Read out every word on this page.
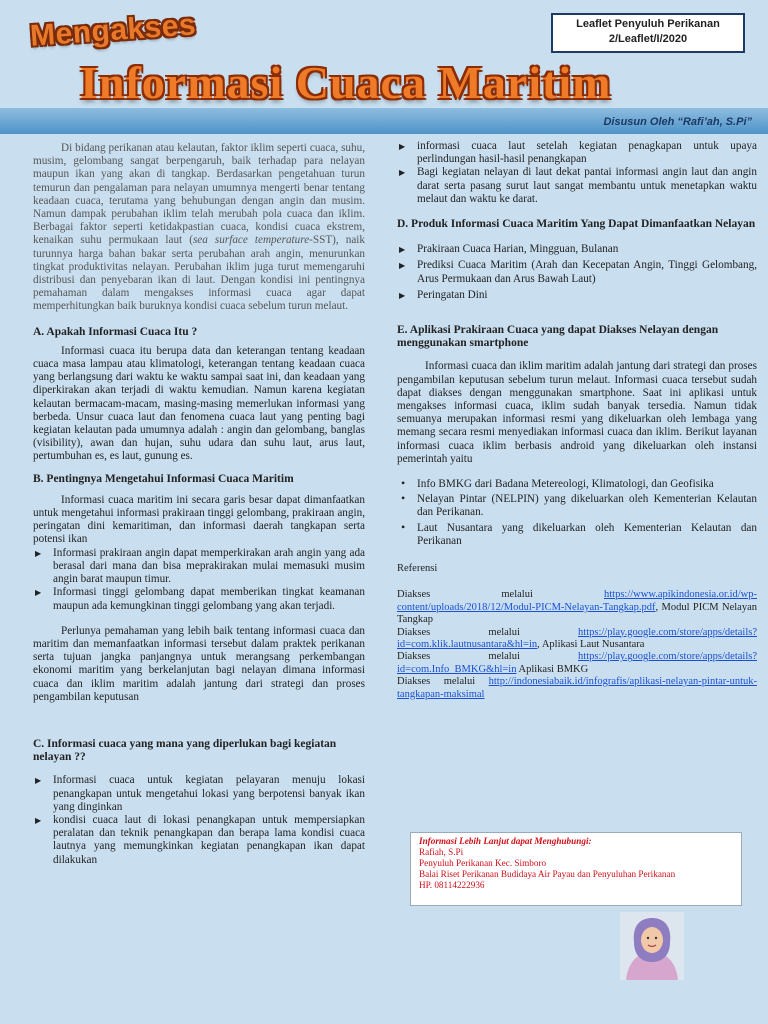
Mengakses
Informasi Cuaca Maritim
Leaflet Penyuluh Perikanan
2/Leaflet/I/2020
Disusun Oleh “Rafi’ah, S.Pi”

Di bidang perikanan atau kelautan, faktor iklim seperti cuaca, suhu, musim, gelombang sangat berpengaruh, baik terhadap para nelayan maupun ikan yang akan di tangkap. Berdasarkan pengetahuan turun temurun dan pengalaman para nelayan umumnya mengerti benar tentang keadaan cuaca, terutama yang behubungan dengan angin dan musim. Namun dampak perubahan iklim telah merubah pola cuaca dan iklim. Berbagai faktor seperti ketidakpastian cuaca, kondisi cuaca ekstrem, kenaikan suhu permukaan laut (sea surface temperature-SST), naik turunnya harga bahan bakar serta perubahan arah angin, menurunkan tingkat produktivitas nelayan. Perubahan iklim juga turut memengaruhi distribusi dan penyebaran ikan di laut. Dengan kondisi ini pentingnya pemahaman dalam mengakses informasi cuaca agar dapat memperhitungkan baik buruknya kondisi cuaca sebelum turun melaut.

A. Apakah Informasi Cuaca Itu ?

Informasi cuaca itu berupa data dan keterangan tentang keadaan cuaca masa lampau atau klimatologi, keterangan tentang keadaan cuaca yang berlangsung dari waktu ke waktu sampai saat ini, dan keadaan yang diperkirakan akan terjadi di waktu kemudian. Namun karena kegiatan kelautan bermacam-macam, masing-masing memerlukan informasi yang berbeda. Unsur cuaca laut dan fenomena cuaca laut yang penting bagi kegiatan kelautan pada umumnya adalah : angin dan gelombang, banglas (visibility), awan dan hujan, suhu udara dan suhu laut, arus laut, pertumbuhan es, es laut, gunung es.

B. Pentingnya Mengetahui Informasi Cuaca Maritim

Informasi cuaca maritim ini secara garis besar dapat dimanfaatkan untuk mengetahui informasi prakiraan tinggi gelombang, prakiraan angin, peringatan dini kemaritiman, dan informasi daerah tangkapan serta potensi ikan

▶ Informasi prakiraan angin dapat memperkirakan arah angin yang ada berasal dari mana dan bisa meprakirakan mulai memasuki musim angin barat maupun timur.
▶ Informasi tinggi gelombang dapat memberikan tingkat keamanan maupun ada kemungkinan tinggi gelombang yang akan terjadi.

Perlunya pemahaman yang lebih baik tentang informasi cuaca dan maritim dan memanfaatkan informasi tersebut dalam praktek perikanan serta tujuan jangka panjangnya untuk merangsang perkembangan ekonomi maritim yang berkelanjutan bagi nelayan dimana informasi cuaca dan iklim maritim adalah jantung dari strategi dan proses pengambilan keputusan

C. Informasi cuaca yang mana yang diperlukan bagi kegiatan nelayan ??
▶ Informasi cuaca untuk kegiatan pelayaran menuju lokasi penangkapan untuk mengetahui lokasi yang berpotensi banyak ikan yang dinginkan
▶ kondisi cuaca laut di lokasi penangkapan untuk mempersiapkan peralatan dan teknik penangkapan dan berapa lama kondisi cuaca lautnya yang memungkinkan kegiatan penangkapan ikan dapat dilakukan
▶ informasi cuaca laut setelah kegiatan penagkapan untuk upaya perlindungan hasil-hasil penangkapan
▶ Bagi kegiatan nelayan di laut dekat pantai informasi angin laut dan angin darat serta pasang surut laut sangat membantu untuk menetapkan waktu melaut dan waktu ke darat.
D. Produk Informasi Cuaca Maritim Yang Dapat Dimanfaatkan Nelayan
▶ Prakiraan Cuaca Harian, Mingguan, Bulanan
▶ Prediksi Cuaca Maritim (Arah dan Kecepatan Angin, Tinggi Gelombang, Arus Permukaan dan Arus Bawah Laut)
▶ Peringatan Dini
E. Aplikasi Prakiraan Cuaca yang dapat Diakses Nelayan dengan menggunakan smartphone

Informasi cuaca dan iklim maritim adalah jantung dari strategi dan proses pengambilan keputusan sebelum turun melaut. Informasi cuaca tersebut sudah dapat diakses dengan menggunakan smartphone. Saat ini aplikasi untuk mengakses informasi cuaca, iklim sudah banyak tersedia. Namun tidak semuanya merupakan informasi resmi yang dikeluarkan oleh lembaga yang memang secara resmi menyediakan informasi cuaca dan iklim. Berikut layanan informasi cuaca iklim berbasis android yang dikeluarkan oleh instansi pemerintah yaitu

• Info BMKG dari Badana Metereologi, Klimatologi, dan Geofisika
• Nelayan Pintar (NELPIN) yang dikeluarkan oleh Kementerian Kelautan dan Perikanan.
• Laut Nusantara yang dikeluarkan oleh Kementerian Kelautan dan Perikanan
Referensi

Diakses melalui https://www.apikindonesia.or.id/wp-content/uploads/2018/12/Modul-PICM-Nelayan-Tangkap.pdf, Modul PICM Nelayan Tangkap

Diakses melalui https://play.google.com/store/apps/details?id=com.klik.lautnusantara&hl=in, Aplikasi Laut Nusantara

Diakses melalui https://play.google.com/store/apps/details?id=com.Info_BMKG&hl=in Aplikasi BMKG

Diakses melalui http://indonesiabaik.id/infografis/aplikasi-nelayan-pintar-untuk-tangkapan-maksimal

Informasi Lebih Lanjut dapat Menghubungi:
Rafiah, S.Pi
Penyuluh Perikanan Kec. Simboro
Balai Riset Perikanan Budidaya Air Payau dan Penyuluhan Perikanan
HP. 08114222936
